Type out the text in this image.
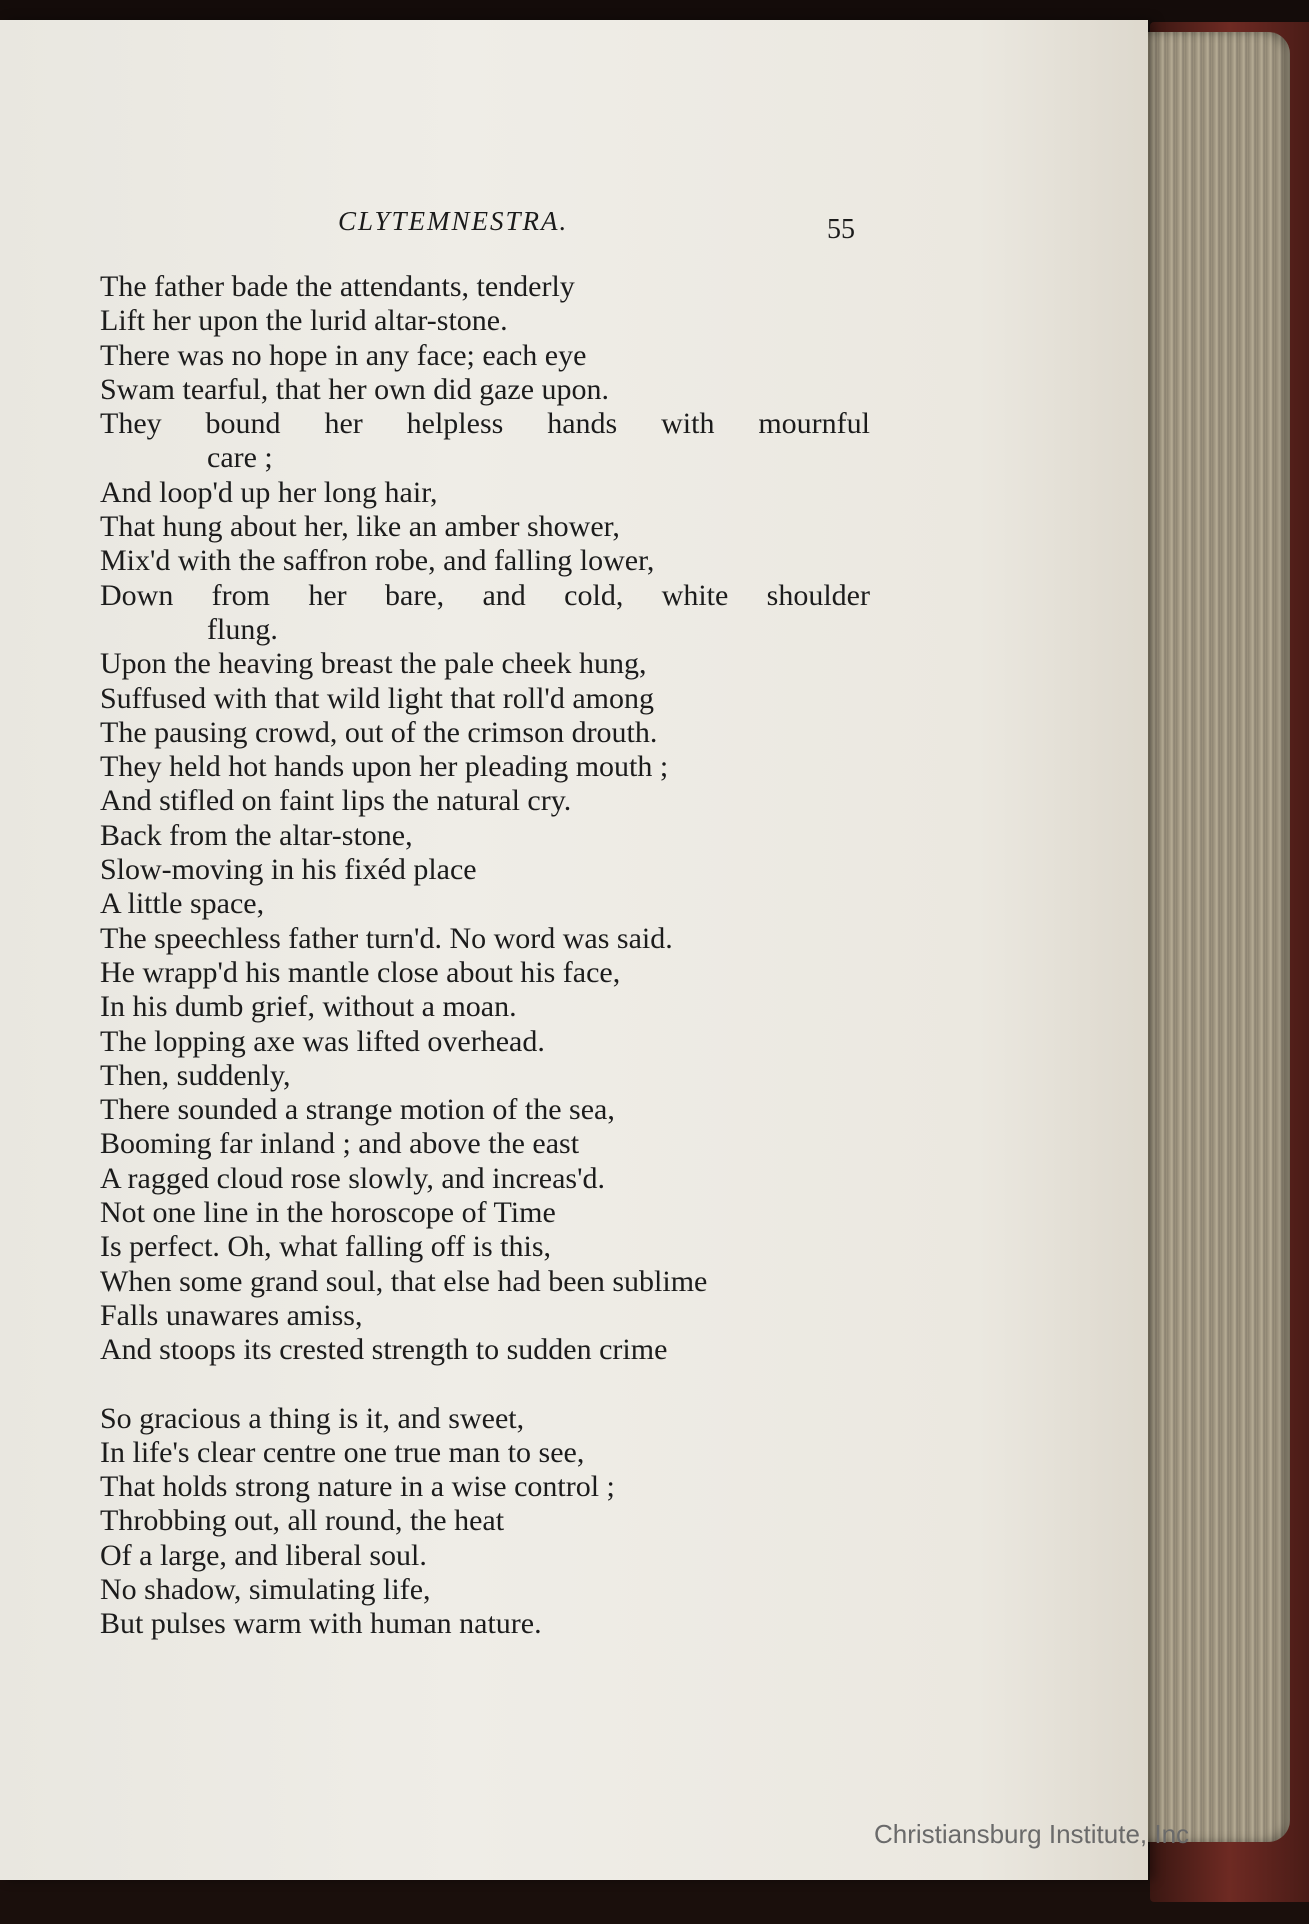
CLYTEMNESTRA.	55
The father bade the attendants, tenderly
Lift her upon the lurid altar-stone.
There was no hope in any face; each eye
Swam tearful, that her own did gaze upon.
They bound her helpless hands with mournful
care ;
And loop'd up her long hair,
That hung about her, like an amber shower,
Mix'd with the saffron robe, and falling lower,
Down from her bare, and cold, white shoulder
flung.
Upon the heaving breast the pale cheek hung,
Suffused with that wild light that roll'd among
The pausing crowd, out of the crimson drouth.
They held hot hands upon her pleading mouth ;
And stifled on faint lips the natural cry.
Back from the altar-stone,
Slow-moving in his fixéd place
A little space,
The speechless father turn'd. No word was said.
He wrapp'd his mantle close about his face,
In his dumb grief, without a moan.
The lopping axe was lifted overhead.
Then, suddenly,
There sounded a strange motion of the sea,
Booming far inland ; and above the east
A ragged cloud rose slowly, and increas'd.
Not one line in the horoscope of Time
Is perfect. Oh, what falling off is this,
When some grand soul, that else had been sublime
Falls unawares amiss,
And stoops its crested strength to sudden crime
So gracious a thing is it, and sweet,
In life's clear centre one true man to see,
That holds strong nature in a wise control ;
Throbbing out, all round, the heat
Of a large, and liberal soul.
No shadow, simulating life,
But pulses warm with human nature.
Christiansburg Institute, Inc
